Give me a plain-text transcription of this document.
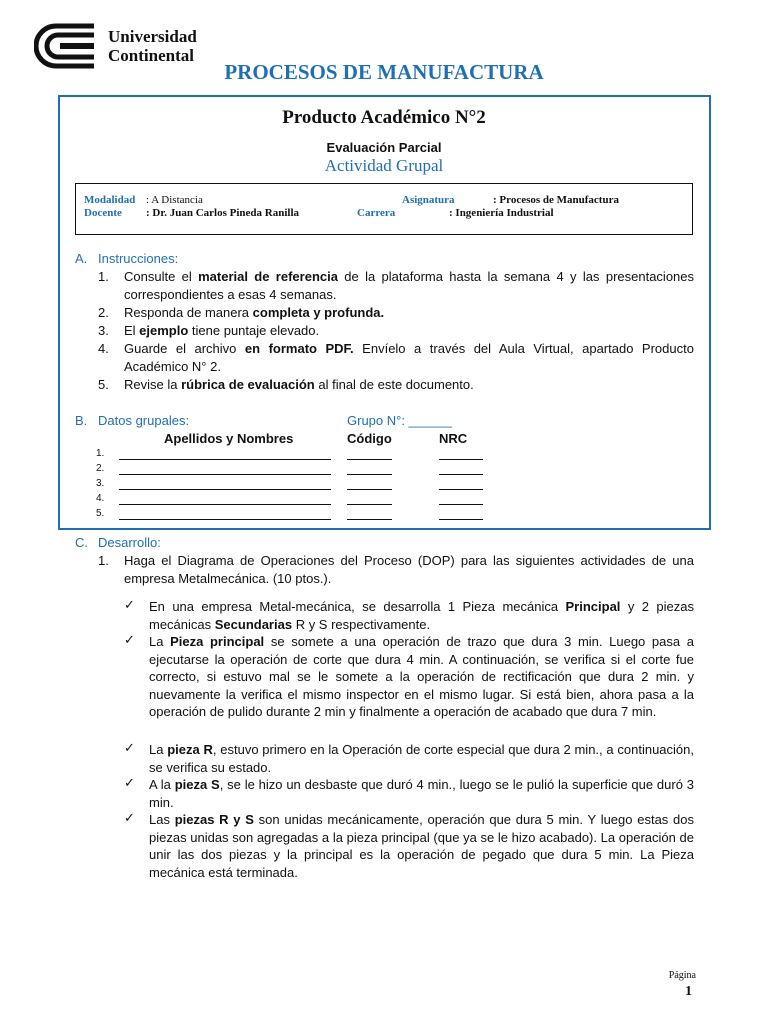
Universidad
Continental
PROCESOS DE MANUFACTURA
Producto Académico N°2
Evaluación Parcial
Actividad Grupal
Modalidad : A Distancia	Asignatura	: Procesos de Manufactura
Docente : Dr. Juan Carlos Pineda Ranilla	Carrera	: Ingeniería Industrial
A. Instrucciones:
1. Consulte el material de referencia de la plataforma hasta la semana 4 y las presentaciones correspondientes a esas 4 semanas.
2. Responda de manera completa y profunda.
3. El ejemplo tiene puntaje elevado.
4. Guarde el archivo en formato PDF. Envíelo a través del Aula Virtual, apartado Producto Académico N° 2.
5. Revise la rúbrica de evaluación al final de este documento.
B. Datos grupales:	Grupo N°: ______
Apellidos y Nombres	Código	NRC
1.
2.
3.
4.
5.
C. Desarrollo:
1. Haga el Diagrama de Operaciones del Proceso (DOP) para las siguientes actividades de una empresa Metalmecánica. (10 ptos.).
✓ En una empresa Metal-mecánica, se desarrolla 1 Pieza mecánica Principal y 2 piezas mecánicas Secundarias R y S respectivamente.
✓ La Pieza principal se somete a una operación de trazo que dura 3 min. Luego pasa a ejecutarse la operación de corte que dura 4 min. A continuación, se verifica si el corte fue correcto, si estuvo mal se le somete a la operación de rectificación que dura 2 min. y nuevamente la verifica el mismo inspector en el mismo lugar. Si está bien, ahora pasa a la operación de pulido durante 2 min y finalmente a operación de acabado que dura 7 min.
✓ La pieza R, estuvo primero en la Operación de corte especial que dura 2 min., a continuación, se verifica su estado.
✓ A la pieza S, se le hizo un desbaste que duró 4 min., luego se le pulió la superficie que duró 3 min.
✓ Las piezas R y S son unidas mecánicamente, operación que dura 5 min. Y luego estas dos piezas unidas son agregadas a la pieza principal (que ya se le hizo acabado). La operación de unir las dos piezas y la principal es la operación de pegado que dura 5 min. La Pieza mecánica está terminada.
Página
1
